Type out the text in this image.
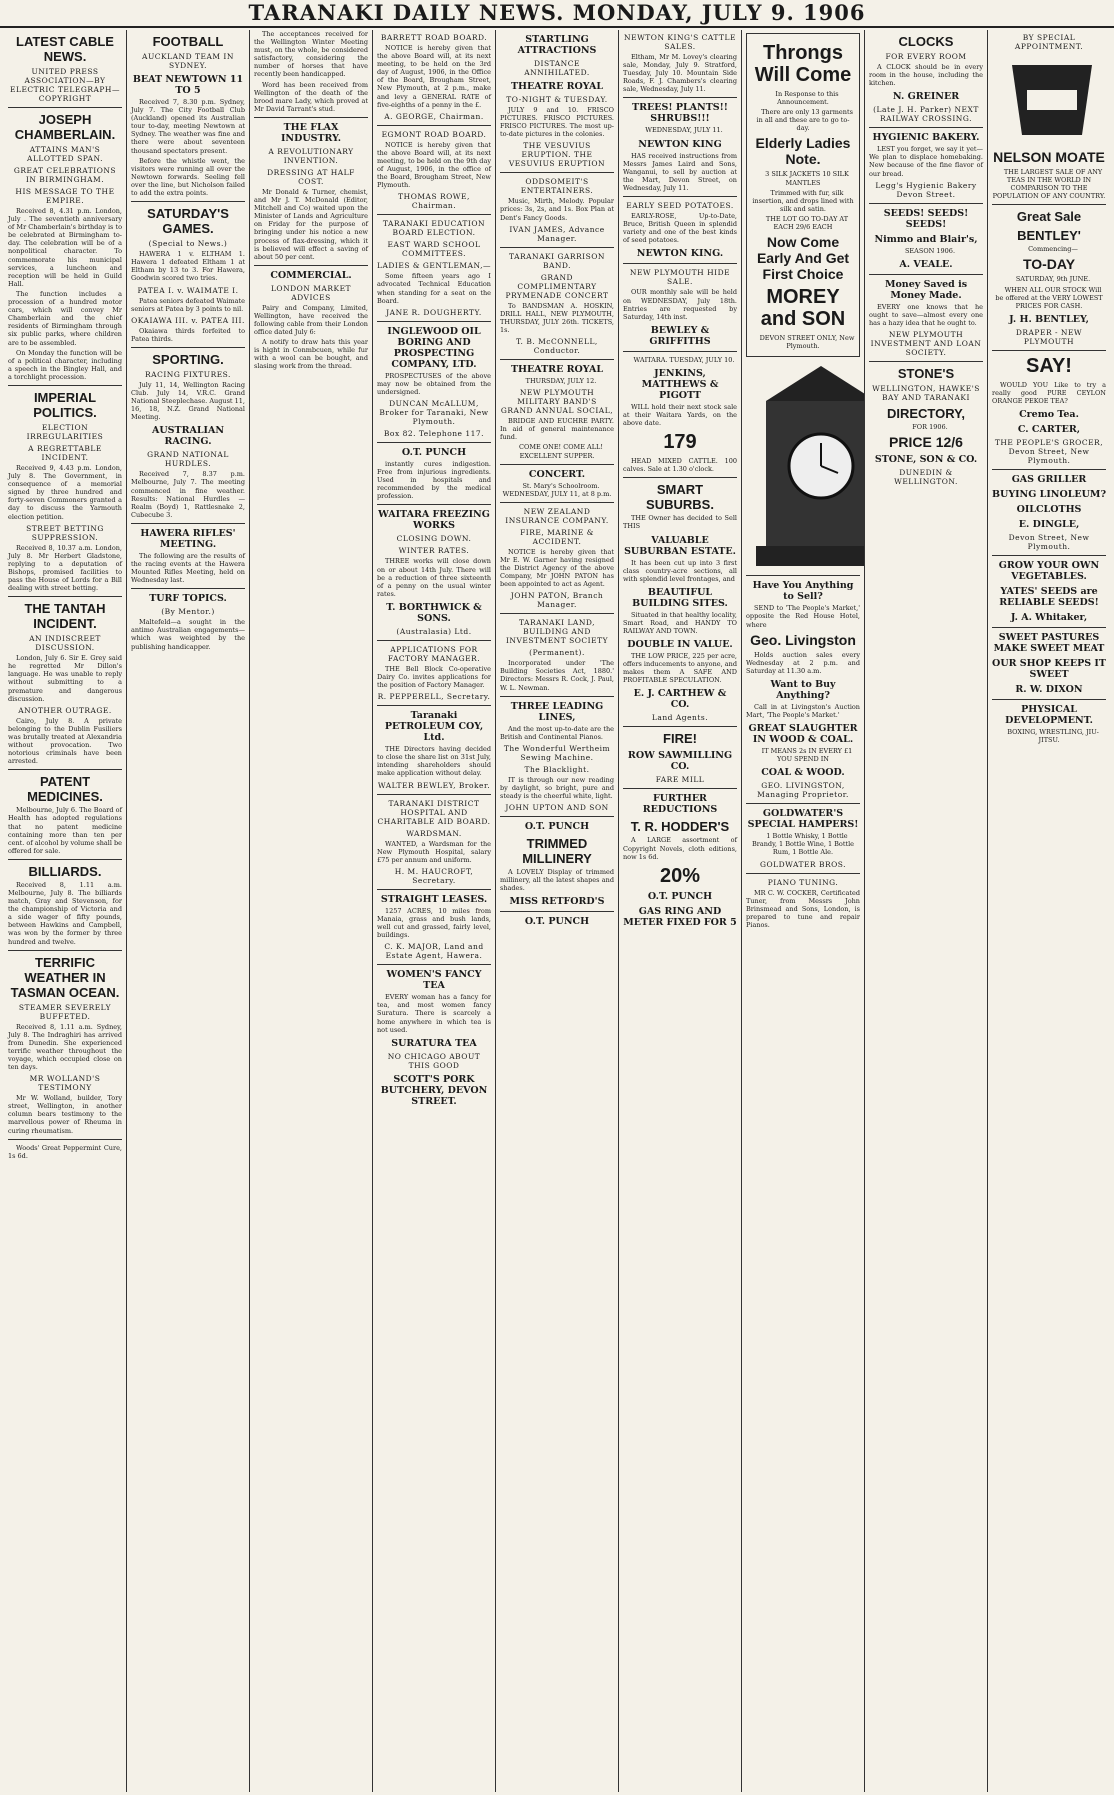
TARANAKI DAILY NEWS. MONDAY, JULY 9. 1906
LATEST CABLE NEWS.
UNITED PRESS ASSOCIATION—BY ELECTRIC TELEGRAPH—COPYRIGHT
JOSEPH CHAMBERLAIN.
ATTAINS MAN'S ALLOTTED SPAN.
GREAT CELEBRATIONS IN BIRMINGHAM.
HIS MESSAGE TO THE EMPIRE.

Received 8, 4.31 p.m. London, July . The seventieth anniversary of Mr Chamberlain's birthday is to be celebrated at Birmingham to-day. The celebration will be of a nonpolitical character. To commemorate his municipal services, a luncheon and reception will be held in Guild Hall.

The function includes a procession of a hundred motor cars, which will convey Mr Chamberlain and the chief residents of Birmingham through six public parks, where children are to be assembled.

On Monday the function will be of a political character, including a speech in the Bingley Hall, and a torchlight procession.

IMPERIAL POLITICS.
ELECTION IRREGULARITIES
A REGRETTABLE INCIDENT.

Received 9, 4.43 p.m. London, July 8. The Government, in consequence of a memorial signed by three hundred and forty-seven Commoners granted a day to discuss the Yarmouth election petition.

STREET BETTING SUPPRESSION.

Received 8, 10.37 a.m. London, July 8. Mr Herbert Gladstone, replying to a deputation of Bishops, promised facilities to pass the House of Lords for a Bill dealing with street betting.

THE TANTAH INCIDENT.
AN INDISCREET DISCUSSION.

London, July 6. Sir E. Grey said he regretted Mr Dillon's language. He was unable to reply without submitting to a premature and dangerous discussion.

ANOTHER OUTRAGE.

Cairo, July 8. A private belonging to the Dublin Fusiliers was brutally treated at Alexandria without provocation. Two notorious criminals have been arrested.

PATENT MEDICINES.

Melbourne, July 6. The Board of Health has adopted regulations that no patent medicine containing more than ten per cent. of alcohol by volume shall be offered for sale.

BILLIARDS.

Received 8, 1.11 a.m. Melbourne, July 8. The billiards match, Gray and Stevenson, for the championship of Victoria and a side wager of fifty pounds, between Hawkins and Campbell, was won by the former by three hundred and twelve.

TERRIFIC WEATHER IN TASMAN OCEAN.
STEAMER SEVERELY BUFFETED.

Received 8, 1.11 a.m. Sydney, July 8. The Indraghiri has arrived from Dunedin. She experienced terrific weather throughout the voyage, which occupied close on ten days.

MR WOLLAND'S TESTIMONY

Mr W. Wolland, builder, Tory street, Wellington, in another column bears testimony to the marvellous power of Rheuma in curing rheumatism.

Woods' Great Peppermint Cure, 1s 6d.

FOOTBALL
AUCKLAND TEAM IN SYDNEY.
BEAT NEWTOWN 11 TO 5

Received 7, 8.30 p.m. Sydney, July 7. The City Football Club (Auckland) opened its Australian tour to-day, meeting Newtown at Sydney. The weather was fine and there were about seventeen thousand spectators present.

Before the whistle went, the visitors were running all over the Newtown forwards. Seeling fell over the line, but Nicholson failed to add the extra points.

SATURDAY'S GAMES.
(Special to News.)

HAWERA 1 v. ELTHAM 1. Hawera 1 defeated Eltham 1 at Eltham by 13 to 3. For Hawera, Goodwin scored two tries.

PATEA I. v. WAIMATE I.

Patea seniors defeated Waimate seniors at Patea by 3 points to nil.

OKAIAWA III. v. PATEA III.

Okaiawa thirds forfeited to Patea thirds.

SPORTING.
RACING FIXTURES.

July 11, 14, Wellington Racing Club. July 14, V.R.C. Grand National Steeplechase. August 11, 16, 18, N.Z. Grand National Meeting.

AUSTRALIAN RACING.
GRAND NATIONAL HURDLES.

Received 7, 8.37 p.m. Melbourne, July 7. The meeting commenced in fine weather. Results: National Hurdles — Realm (Boyd) 1, Rattlesnake 2, Cubecube 3.

HAWERA RIFLES' MEETING.

The following are the results of the racing events at the Hawera Mounted Rifles Meeting, held on Wednesday last.

TURF TOPICS.
(By Mentor.)

Maltefeld—a sought in the antimo Australian engagements—which was weighted by the publishing handicapper.

The acceptances received for the Wellington Winter Meeting must, on the whole, be considered satisfactory, considering the number of horses that have recently been handicapped.

Word has been received from Wellington of the death of the brood mare Lady, which proved at Mr David Tarrant's stud.

THE FLAX INDUSTRY.
A REVOLUTIONARY INVENTION.
DRESSING AT HALF COST.

Mr Donald & Turner, chemist, and Mr J. T. McDonald (Editor, Mitchell and Co) waited upon the Minister of Lands and Agriculture on Friday for the purpose of bringing under his notice a new process of flax-dressing, which it is believed will effect a saving of about 50 per cent.

COMMERCIAL.
LONDON MARKET ADVICES

Pairy and Company, Limited, Wellington, have received the following cable from their London office dated July 6:

A notify to draw hats this year is hight in Conmbcuen, while fur with a wool can be bought, and slasing work from the thread.

BARRETT ROAD BOARD.

NOTICE is hereby given that the above Board will, at its next meeting, to be held on the 3rd day of August, 1906, in the Office of the Board, Brougham Street, New Plymouth, at 2 p.m., make and levy a GENERAL RATE of five-eighths of a penny in the £.

A. GEORGE, Chairman.
EGMONT ROAD BOARD.

NOTICE is hereby given that the above Board will, at its next meeting, to be held on the 9th day of August, 1906, in the office of the Board, Brougham Street, New Plymouth.

THOMAS ROWE, Chairman.
TARANAKI EDUCATION BOARD ELECTION.
EAST WARD SCHOOL COMMITTEES.
LADIES & GENTLEMAN,—

Some fifteen years ago I advocated Technical Education when standing for a seat on the Board.

JANE R. DOUGHERTY.
INGLEWOOD OIL BORING AND PROSPECTING COMPANY, LTD.

PROSPECTUSES of the above may now be obtained from the undersigned.

DUNCAN McALLUM, Broker for Taranaki, New Plymouth.
Box 82. Telephone 117.
O.T. PUNCH

instantly cures indigestion. Free from injurious ingredients. Used in hospitals and recommended by the medical profession.

WAITARA FREEZING WORKS
CLOSING DOWN.
WINTER RATES.

THREE works will close down on or about 14th July. There will be a reduction of three sixteenth of a penny on the usual winter rates.

T. BORTHWICK & SONS.
(Australasia) Ltd.
APPLICATIONS FOR FACTORY MANAGER.

THE Bell Block Co-operative Dairy Co. invites applications for the position of Factory Manager.

R. PEPPERELL, Secretary.
Taranaki PETROLEUM COY, Ltd.

THE Directors having decided to close the share list on 31st July, intending shareholders should make application without delay.

WALTER BEWLEY, Broker.
TARANAKI DISTRICT HOSPITAL AND CHARITABLE AID BOARD.
WARDSMAN.

WANTED, a Wardsman for the New Plymouth Hospital, salary £75 per annum and uniform.

H. M. HAUCROFT, Secretary.
STRAIGHT LEASES.

1257 ACRES, 10 miles from Manaia, grass and bush lands, well cut and grassed, fairly level, buildings.

C. K. MAJOR, Land and Estate Agent, Hawera.
WOMEN'S FANCY TEA

EVERY woman has a fancy for tea, and most women fancy Suratura. There is scarcely a home anywhere in which tea is not used.

SURATURA TEA
NO CHICAGO ABOUT THIS GOOD
SCOTT'S PORK BUTCHERY, DEVON STREET.
STARTLING ATTRACTIONS
DISTANCE ANNIHILATED.
THEATRE ROYAL
TO-NIGHT & TUESDAY.

JULY 9 and 10. FRISCO PICTURES. FRISCO PICTURES. FRISCO PICTURES. The most up-to-date pictures in the colonies.

THE VESUVIUS ERUPTION. THE VESUVIUS ERUPTION
ODDSOMEIT'S ENTERTAINERS.

Music, Mirth, Melody. Popular prices: 3s, 2s, and 1s. Box Plan at Dent's Fancy Goods.

IVAN JAMES, Advance Manager.
TARANAKI GARRISON BAND.
GRAND COMPLIMENTARY PRYMENADE CONCERT

To BANDSMAN A. HOSKIN, DRILL HALL, NEW PLYMOUTH, THURSDAY, JULY 26th. TICKETS, 1s.

T. B. McCONNELL, Conductor.
THEATRE ROYAL

THURSDAY, JULY 12.

NEW PLYMOUTH MILITARY BAND'S GRAND ANNUAL SOCIAL,

BRIDGE AND EUCHRE PARTY. In aid of general maintenance fund.

COME ONE! COME ALL! EXCELLENT SUPPER.

CONCERT.

St. Mary's Schoolroom. WEDNESDAY, JULY 11, at 8 p.m.

NEW ZEALAND INSURANCE COMPANY.
FIRE, MARINE & ACCIDENT.

NOTICE is hereby given that Mr E. W. Garner having resigned the District Agency of the above Company, Mr JOHN PATON has been appointed to act as Agent.

JOHN PATON, Branch Manager.
TARANAKI LAND, BUILDING AND INVESTMENT SOCIETY
(Permanent).

Incorporated under 'The Building Societies Act, 1880.' Directors: Messrs R. Cock, J. Paul, W. L. Newman.

THREE LEADING LINES,

And the most up-to-date are the British and Continental Pianos.

The Wonderful Wertheim Sewing Machine.
The Blacklight.

IT is through our new reading by daylight, so bright, pure and steady is the cheerful white, light.

JOHN UPTON AND SON
O.T. PUNCH
TRIMMED MILLINERY

A LOVELY Display of trimmed millinery, all the latest shapes and shades.

MISS RETFORD'S
O.T. PUNCH
NEWTON KING'S CATTLE SALES.

Eltham, Mr M. Lovey's clearing sale, Monday, July 9. Stratford, Tuesday, July 10. Mountain Side Roads, F. J. Chambers's clearing sale, Wednesday, July 11.

TREES! PLANTS!! SHRUBS!!!

WEDNESDAY, JULY 11.

NEWTON KING

HAS received instructions from Messrs James Laird and Sons, Wanganui, to sell by auction at the Mart, Devon Street, on Wednesday, July 11.

EARLY SEED POTATOES.

EARLY-ROSE, Up-to-Date, Bruce, British Queen in splendid variety and one of the best kinds of seed potatoes.

NEWTON KING.
NEW PLYMOUTH HIDE SALE.

OUR monthly sale will be held on WEDNESDAY, July 18th. Entries are requested by Saturday, 14th inst.

BEWLEY & GRIFFITHS

WAITARA. TUESDAY, JULY 10.

JENKINS, MATTHEWS & PIGOTT

WILL hold their next stock sale at their Waitara Yards, on the above date.

179

HEAD MIXED CATTLE. 100 calves. Sale at 1.30 o'clock.

SMART SUBURBS.

THE Owner has decided to Sell THIS

VALUABLE SUBURBAN ESTATE.

It has been cut up into 3 first class country-acre sections, all with splendid level frontages, and

BEAUTIFUL BUILDING SITES.

Situated in that healthy locality, Smart Road, and HANDY TO RAILWAY AND TOWN.

DOUBLE IN VALUE.

THE LOW PRICE, 225 per acre, offers inducements to anyone, and makes them A SAFE AND PROFITABLE SPECULATION.

E. J. CARTHEW & CO.
Land Agents.
FIRE!
ROW SAWMILLING CO.
FARE MILL
FURTHER REDUCTIONS
T. R. HODDER'S

A LARGE assortment of Copyright Novels, cloth editions, now 1s 6d.

20%
O.T. PUNCH
GAS RING AND METER FIXED FOR 5
Throngs Will Come

In Response to this Announcement.

There are only 13 garments in all and these are to go to-day.

Elderly Ladies Note.

3 SILK JACKETS 10 SILK MANTLES

Trimmed with fur, silk insertion, and drops lined with silk and satin.

THE LOT GO TO-DAY AT EACH 29/6 EACH

Now Come Early And Get First Choice
MOREY and SON

DEVON STREET ONLY, New Plymouth.

Have You Anything to Sell?

SEND to 'The People's Market,' opposite the Red House Hotel, where

Geo. Livingston

Holds auction sales every Wednesday at 2 p.m. and Saturday at 11.30 a.m.

Want to Buy Anything?

Call in at Livingston's Auction Mart, 'The People's Market.'

GREAT SLAUGHTER IN WOOD & COAL.

IT MEANS 2s IN EVERY £1 YOU SPEND IN

COAL & WOOD.
GEO. LIVINGSTON, Managing Proprietor.
GOLDWATER'S SPECIAL HAMPERS!

1 Bottle Whisky, 1 Bottle Brandy, 1 Bottle Wine, 1 Bottle Rum, 1 Bottle Ale.

GOLDWATER BROS.
PIANO TUNING.

MR C. W. COCKER, Certificated Tuner, from Messrs John Brinsmead and Sons, London, is prepared to tune and repair Pianos.

CLOCKS
FOR EVERY ROOM

A CLOCK should be in every room in the house, including the kitchen.

N. GREINER
(Late J. H. Parker) NEXT RAILWAY CROSSING.
HYGIENIC BAKERY.

LEST you forget, we say it yet—We plan to displace homebaking. New because of the fine flavor of our bread.

Legg's Hygienic Bakery Devon Street.
SEEDS! SEEDS! SEEDS!
Nimmo and Blair's,

SEASON 1906.

A. VEALE.
Money Saved is Money Made.

EVERY one knows that he ought to save—almost every one has a hazy idea that he ought to.

NEW PLYMOUTH INVESTMENT AND LOAN SOCIETY.
STONE'S
WELLINGTON, HAWKE'S BAY AND TARANAKI
DIRECTORY,

FOR 1906.

PRICE 12/6
STONE, SON & CO.
DUNEDIN & WELLINGTON.
BY SPECIAL APPOINTMENT.
NELSON MOATE

THE LARGEST SALE OF ANY TEAS IN THE WORLD IN COMPARISON TO THE POPULATION OF ANY COUNTRY.

Great Sale
BENTLEY'

Commencing—

TO-DAY

SATURDAY, 9th JUNE.

WHEN ALL OUR STOCK Will be offered at the VERY LOWEST PRICES FOR CASH.

J. H. BENTLEY,
DRAPER - NEW PLYMOUTH
SAY!

WOULD YOU Like to try a really good PURE CEYLON ORANGE PEKOE TEA?

Cremo Tea.
C. CARTER,
THE PEOPLE'S GROCER, Devon Street, New Plymouth.
GAS GRILLER
BUYING LINOLEUM?
OILCLOTHS
E. DINGLE,
Devon Street, New Plymouth.
GROW YOUR OWN VEGETABLES.
YATES' SEEDS are RELIABLE SEEDS!
J. A. Whitaker,
SWEET PASTURES MAKE SWEET MEAT
OUR SHOP KEEPS IT SWEET
R. W. DIXON
PHYSICAL DEVELOPMENT.

BOXING, WRESTLING, JIU-JITSU.
